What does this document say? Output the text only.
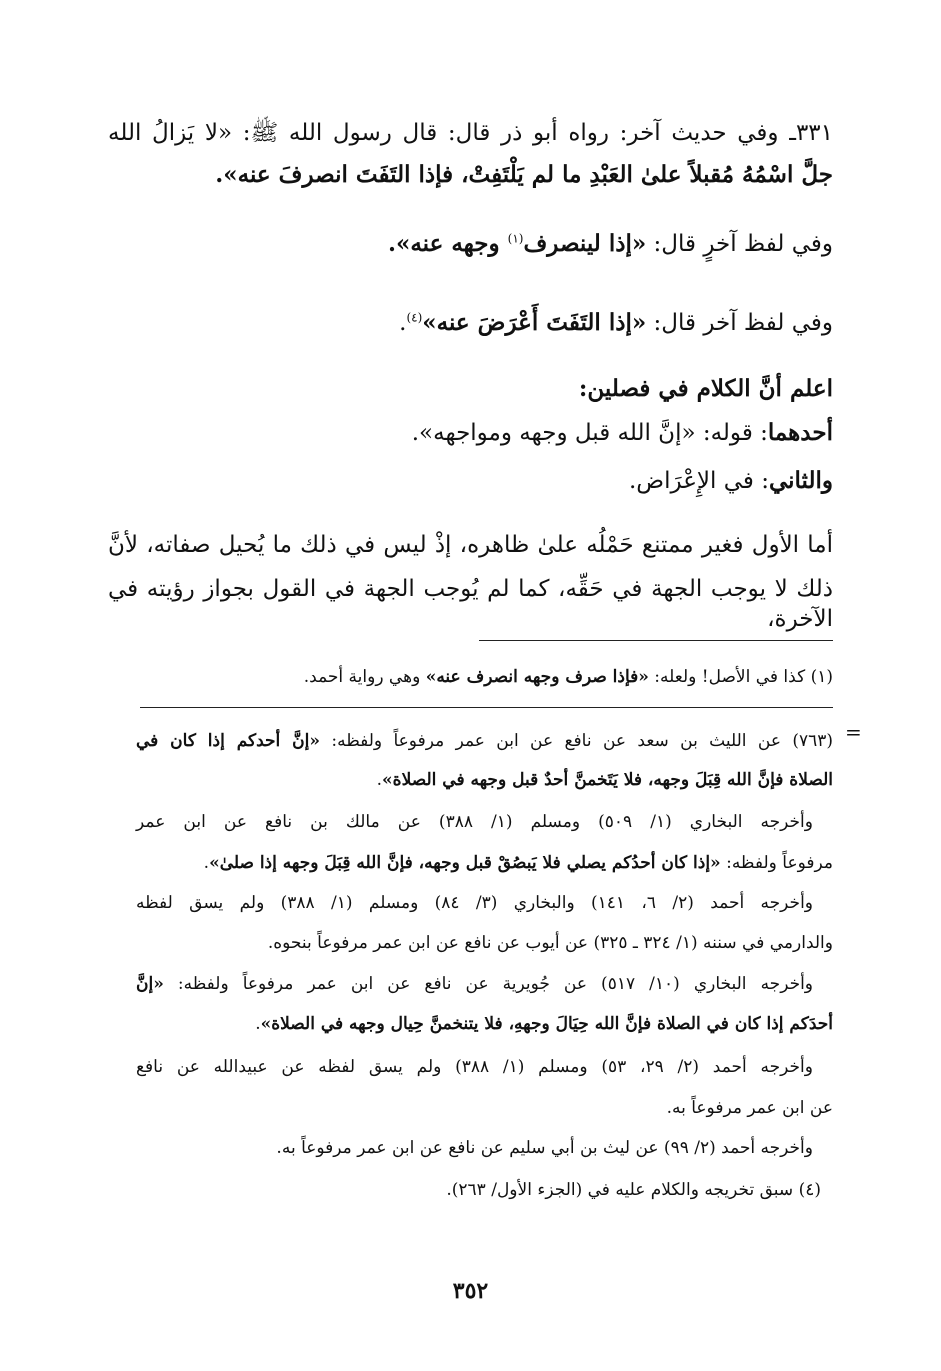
٣٣١ـ وفي حديث آخر: رواه أبو ذر قال: قال رسول الله ﷺ: «لا يَزالُ الله
جلَّ اسْمُهُ مُقبلاً علىٰ العَبْدِ ما لم يَلْتَفِتْ، فإذا التَفَتَ انصرفَ عنه».
وفي لفظ آخرٍ قال: «إذا لينصرف$^{(١)}$ وجهه عنه».
وفي لفظ آخر قال: «إذا التَفَتَ أَعْرَضَ عنه»$^{(٤)}$.
اعلم أنَّ الكلام في فصلين:
أحدهما: قوله: «إنَّ الله قبل وجهه ومواجهه».
والثاني: في الإِعْرَاض.
أما الأول فغير ممتنع حَمْلُه علىٰ ظاهره، إذْ ليس في ذلك ما يُحيل صفاته، لأنَّ
ذلك لا يوجب الجهة في حَقِّه، كما لم يُوجب الجهة في القول بجواز رؤيته في الآخرة،
(١) كذا في الأصل! ولعله: «فإذا صرف وجهه انصرف عنه» وهي رواية أحمد.
=
(٧٦٣) عن الليث بن سعد عن نافع عن ابن عمر مرفوعاً ولفظه: «إنَّ أحدكم إذا كان في
الصلاة فإنَّ الله قِبَلَ وجهه، فلا يَتَخمنَّ أحدٌ قبل وجهه في الصلاة».
وأخرجه البخاري (١/ ٥٠٩) ومسلم (١/ ٣٨٨) عن مالك بن نافع عن ابن عمر
مرفوعاً ولفظه: «إذا كان أحدُكم يصلي فلا يَبصُقْ قبل وجهه، فإنَّ الله قِبَلَ وجهه إذا صلىٰ».
وأخرجه أحمد (٢/ ٦، ١٤١) والبخاري (٣/ ٨٤) ومسلم (١/ ٣٨٨) ولم يسق لفظه
والدارمي في سننه (١/ ٣٢٤ ـ ٣٢٥) عن أيوب عن نافع عن ابن عمر مرفوعاً بنحوه.
وأخرجه البخاري (١٠/ ٥١٧) عن جُويرية عن نافع عن ابن عمر مرفوعاً ولفظه: «إنَّ
أحدَكم إذا كان في الصلاة فإنَّ الله حِيَالَ وجههِ، فلا يتنخمنَّ حِيال وجهه في الصلاة».
وأخرجه أحمد (٢/ ٢٩، ٥٣) ومسلم (١/ ٣٨٨) ولم يسق لفظه عن عبيدالله عن نافع
عن ابن عمر مرفوعاً به.
وأخرجه أحمد (٢/ ٩٩) عن ليث بن أبي سليم عن نافع عن ابن عمر مرفوعاً به.
(٤) سبق تخريجه والكلام عليه في (الجزء الأول/ ٢٦٣).
٣٥٢
